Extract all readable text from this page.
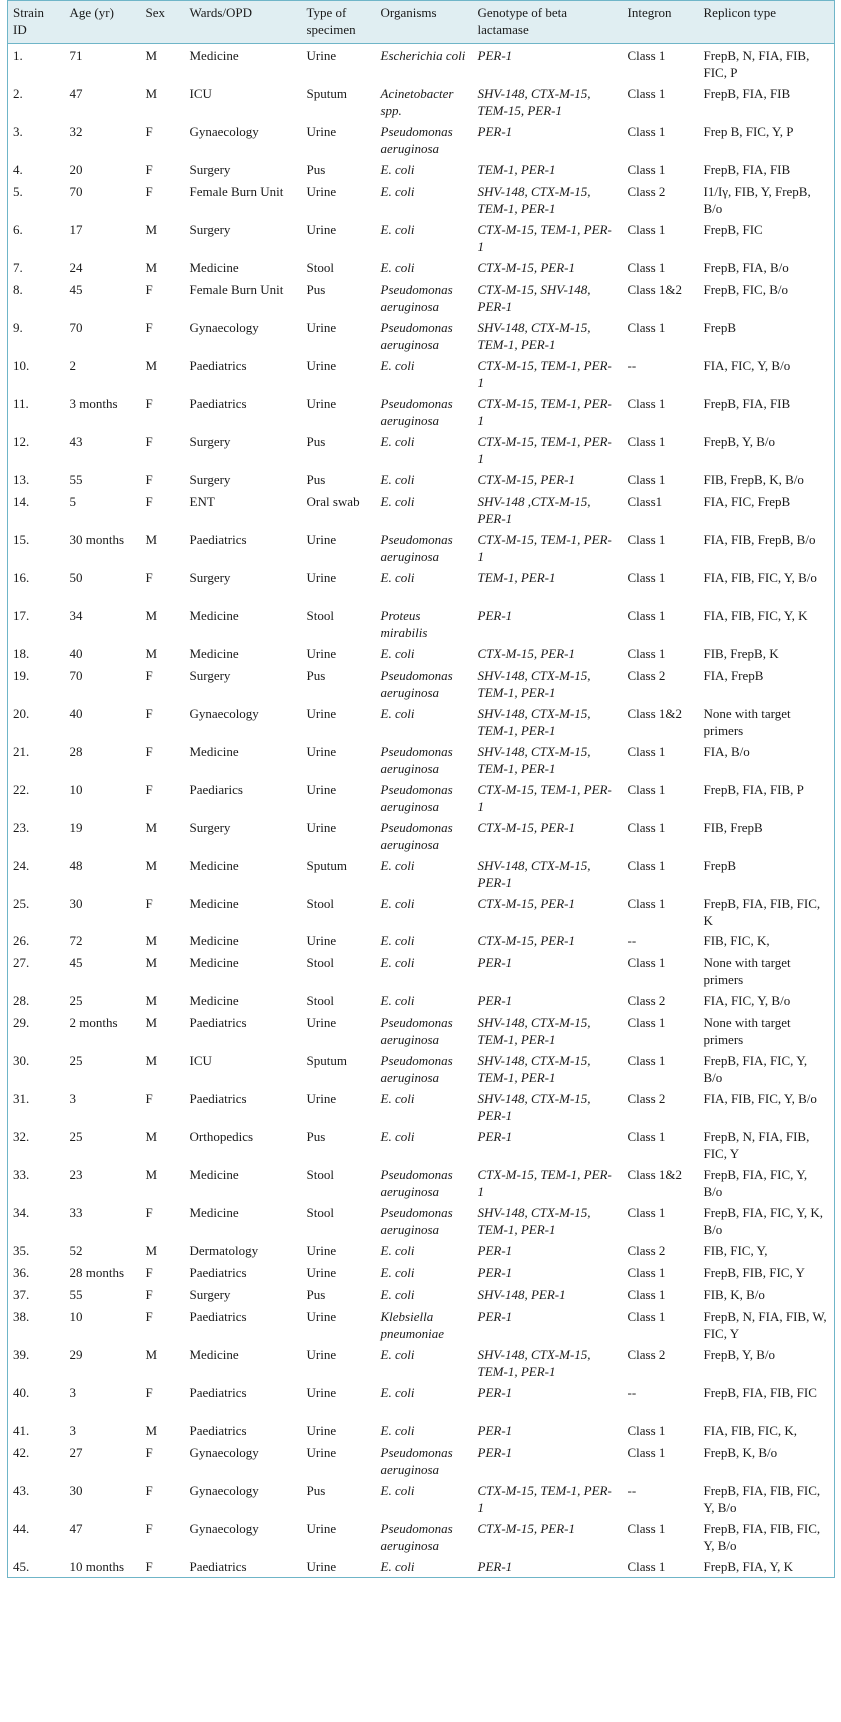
Strain ID	Age (yr)	Sex	Wards/OPD	Type of specimen	Organisms	Genotype of beta lactamase	Integron	Replicon type
1.	71	M	Medicine	Urine	Escherichia coli	PER-1	Class 1	FrepB, N, FIA, FIB, FIC, P
2.	47	M	ICU	Sputum	Acinetobacter spp.	SHV-148, CTX-M-15, TEM-15, PER-1	Class 1	FrepB, FIA, FIB
3.	32	F	Gynaecology	Urine	Pseudomonas aeruginosa	PER-1	Class 1	Frep B, FIC, Y, P
4.	20	F	Surgery	Pus	E. coli	TEM-1, PER-1	Class 1	FrepB, FIA, FIB
5.	70	F	Female Burn Unit	Urine	E. coli	SHV-148, CTX-M-15, TEM-1, PER-1	Class 2	I1/Iγ, FIB, Y, FrepB, B/o
6.	17	M	Surgery	Urine	E. coli	CTX-M-15, TEM-1, PER-1	Class 1	FrepB, FIC
7.	24	M	Medicine	Stool	E. coli	CTX-M-15, PER-1	Class 1	FrepB, FIA, B/o
8.	45	F	Female Burn Unit	Pus	Pseudomonas aeruginosa	CTX-M-15, SHV-148, PER-1	Class 1&2	FrepB, FIC, B/o
9.	70	F	Gynaecology	Urine	Pseudomonas aeruginosa	SHV-148, CTX-M-15, TEM-1, PER-1	Class 1	FrepB
10.	2	M	Paediatrics	Urine	E. coli	CTX-M-15, TEM-1, PER-1	--	FIA, FIC, Y, B/o
11.	3 months	F	Paediatrics	Urine	Pseudomonas aeruginosa	CTX-M-15, TEM-1, PER-1	Class 1	FrepB, FIA, FIB
12.	43	F	Surgery	Pus	E. coli	CTX-M-15, TEM-1, PER-1	Class 1	FrepB, Y, B/o
13.	55	F	Surgery	Pus	E. coli	CTX-M-15, PER-1	Class 1	FIB, FrepB, K, B/o
14.	5	F	ENT	Oral swab	E. coli	SHV-148 ,CTX-M-15, PER-1	Class1	FIA, FIC, FrepB
15.	30 months	M	Paediatrics	Urine	Pseudomonas aeruginosa	CTX-M-15, TEM-1, PER-1	Class 1	FIA, FIB, FrepB, B/o
16.	50	F	Surgery	Urine	E. coli	TEM-1, PER-1	Class 1	FIA, FIB, FIC, Y, B/o
17.	34	M	Medicine	Stool	Proteus mirabilis	PER-1	Class 1	FIA, FIB, FIC, Y, K
18.	40	M	Medicine	Urine	E. coli	CTX-M-15, PER-1	Class 1	FIB, FrepB, K
19.	70	F	Surgery	Pus	Pseudomonas aeruginosa	SHV-148, CTX-M-15, TEM-1, PER-1	Class 2	FIA, FrepB
20.	40	F	Gynaecology	Urine	E. coli	SHV-148, CTX-M-15, TEM-1, PER-1	Class 1&2	None with target primers
21.	28	F	Medicine	Urine	Pseudomonas aeruginosa	SHV-148, CTX-M-15, TEM-1, PER-1	Class 1	FIA, B/o
22.	10	F	Paediarics	Urine	Pseudomonas aeruginosa	CTX-M-15, TEM-1, PER-1	Class 1	FrepB, FIA, FIB, P
23.	19	M	Surgery	Urine	Pseudomonas aeruginosa	CTX-M-15, PER-1	Class 1	FIB, FrepB
24.	48	M	Medicine	Sputum	E. coli	SHV-148, CTX-M-15, PER-1	Class 1	FrepB
25.	30	F	Medicine	Stool	E. coli	CTX-M-15, PER-1	Class 1	FrepB, FIA, FIB, FIC, K
26.	72	M	Medicine	Urine	E. coli	CTX-M-15, PER-1	--	FIB, FIC, K,
27.	45	M	Medicine	Stool	E. coli	PER-1	Class 1	None with target primers
28.	25	M	Medicine	Stool	E. coli	PER-1	Class 2	FIA, FIC, Y, B/o
29.	2 months	M	Paediatrics	Urine	Pseudomonas aeruginosa	SHV-148, CTX-M-15, TEM-1, PER-1	Class 1	None with target primers
30.	25	M	ICU	Sputum	Pseudomonas aeruginosa	SHV-148, CTX-M-15, TEM-1, PER-1	Class 1	FrepB, FIA, FIC, Y, B/o
31.	3	F	Paediatrics	Urine	E. coli	SHV-148, CTX-M-15, PER-1	Class 2	FIA, FIB, FIC, Y, B/o
32.	25	M	Orthopedics	Pus	E. coli	PER-1	Class 1	FrepB, N, FIA, FIB, FIC, Y
33.	23	M	Medicine	Stool	Pseudomonas aeruginosa	CTX-M-15, TEM-1, PER-1	Class 1&2	FrepB, FIA, FIC, Y, B/o
34.	33	F	Medicine	Stool	Pseudomonas aeruginosa	SHV-148, CTX-M-15, TEM-1, PER-1	Class 1	FrepB, FIA, FIC, Y, K, B/o
35.	52	M	Dermatology	Urine	E. coli	PER-1	Class 2	FIB, FIC, Y,
36.	28 months	F	Paediatrics	Urine	E. coli	PER-1	Class 1	FrepB, FIB, FIC, Y
37.	55	F	Surgery	Pus	E. coli	SHV-148, PER-1	Class 1	FIB, K, B/o
38.	10	F	Paediatrics	Urine	Klebsiella pneumoniae	PER-1	Class 1	FrepB, N, FIA, FIB, W, FIC, Y
39.	29	M	Medicine	Urine	E. coli	SHV-148, CTX-M-15, TEM-1, PER-1	Class 2	FrepB, Y, B/o
40.	3	F	Paediatrics	Urine	E. coli	PER-1	--	FrepB, FIA, FIB, FIC
41.	3	M	Paediatrics	Urine	E. coli	PER-1	Class 1	FIA, FIB, FIC, K,
42.	27	F	Gynaecology	Urine	Pseudomonas aeruginosa	PER-1	Class 1	FrepB, K, B/o
43.	30	F	Gynaecology	Pus	E. coli	CTX-M-15, TEM-1, PER-1	--	FrepB, FIA, FIB, FIC, Y, B/o
44.	47	F	Gynaecology	Urine	Pseudomonas aeruginosa	CTX-M-15, PER-1	Class 1	FrepB, FIA, FIB, FIC, Y, B/o
45.	10 months	F	Paediatrics	Urine	E. coli	PER-1	Class 1	FrepB, FIA, Y, K
